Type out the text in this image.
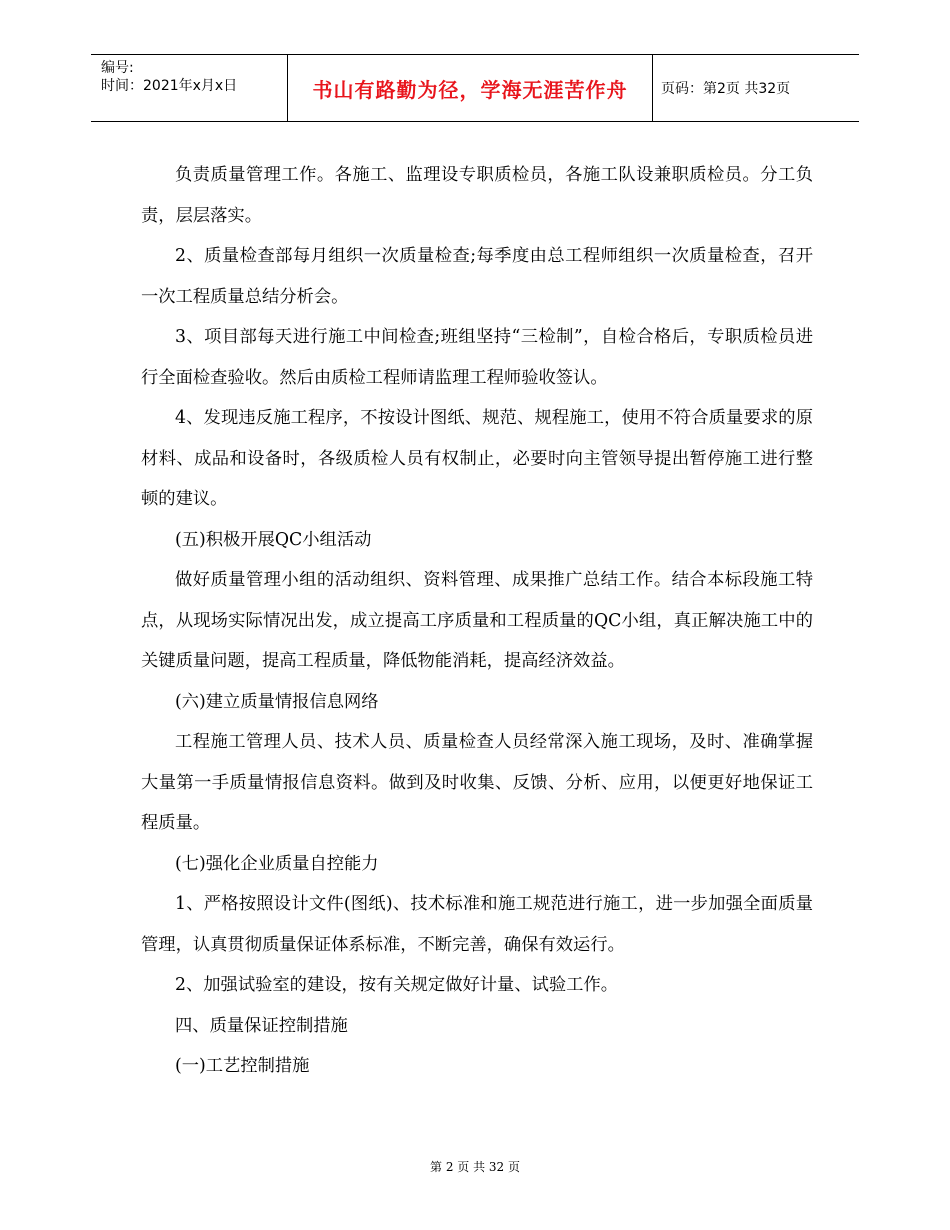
编号:
时间：2021年x月x日	书山有路勤为径，学海无涯苦作舟	页码：第2页 共32页

负责质量管理工作。各施工、监理设专职质检员，各施工队设兼职质检员。分工负责，层层落实。

2、质量检查部每月组织一次质量检查;每季度由总工程师组织一次质量检查，召开一次工程质量总结分析会。

3、项目部每天进行施工中间检查;班组坚持“三检制”，自检合格后，专职质检员进行全面检查验收。然后由质检工程师请监理工程师验收签认。

4、发现违反施工程序，不按设计图纸、规范、规程施工，使用不符合质量要求的原材料、成品和设备时，各级质检人员有权制止，必要时向主管领导提出暂停施工进行整顿的建议。

(五)积极开展QC小组活动

做好质量管理小组的活动组织、资料管理、成果推广总结工作。结合本标段施工特点，从现场实际情况出发，成立提高工序质量和工程质量的QC小组，真正解决施工中的关键质量问题，提高工程质量，降低物能消耗，提高经济效益。

(六)建立质量情报信息网络

工程施工管理人员、技术人员、质量检查人员经常深入施工现场，及时、准确掌握大量第一手质量情报信息资料。做到及时收集、反馈、分析、应用，以便更好地保证工程质量。

(七)强化企业质量自控能力

1、严格按照设计文件(图纸)、技术标准和施工规范进行施工，进一步加强全面质量管理，认真贯彻质量保证体系标准，不断完善，确保有效运行。

2、加强试验室的建设，按有关规定做好计量、试验工作。

四、质量保证控制措施

(一)工艺控制措施

第 2 页 共 32 页
